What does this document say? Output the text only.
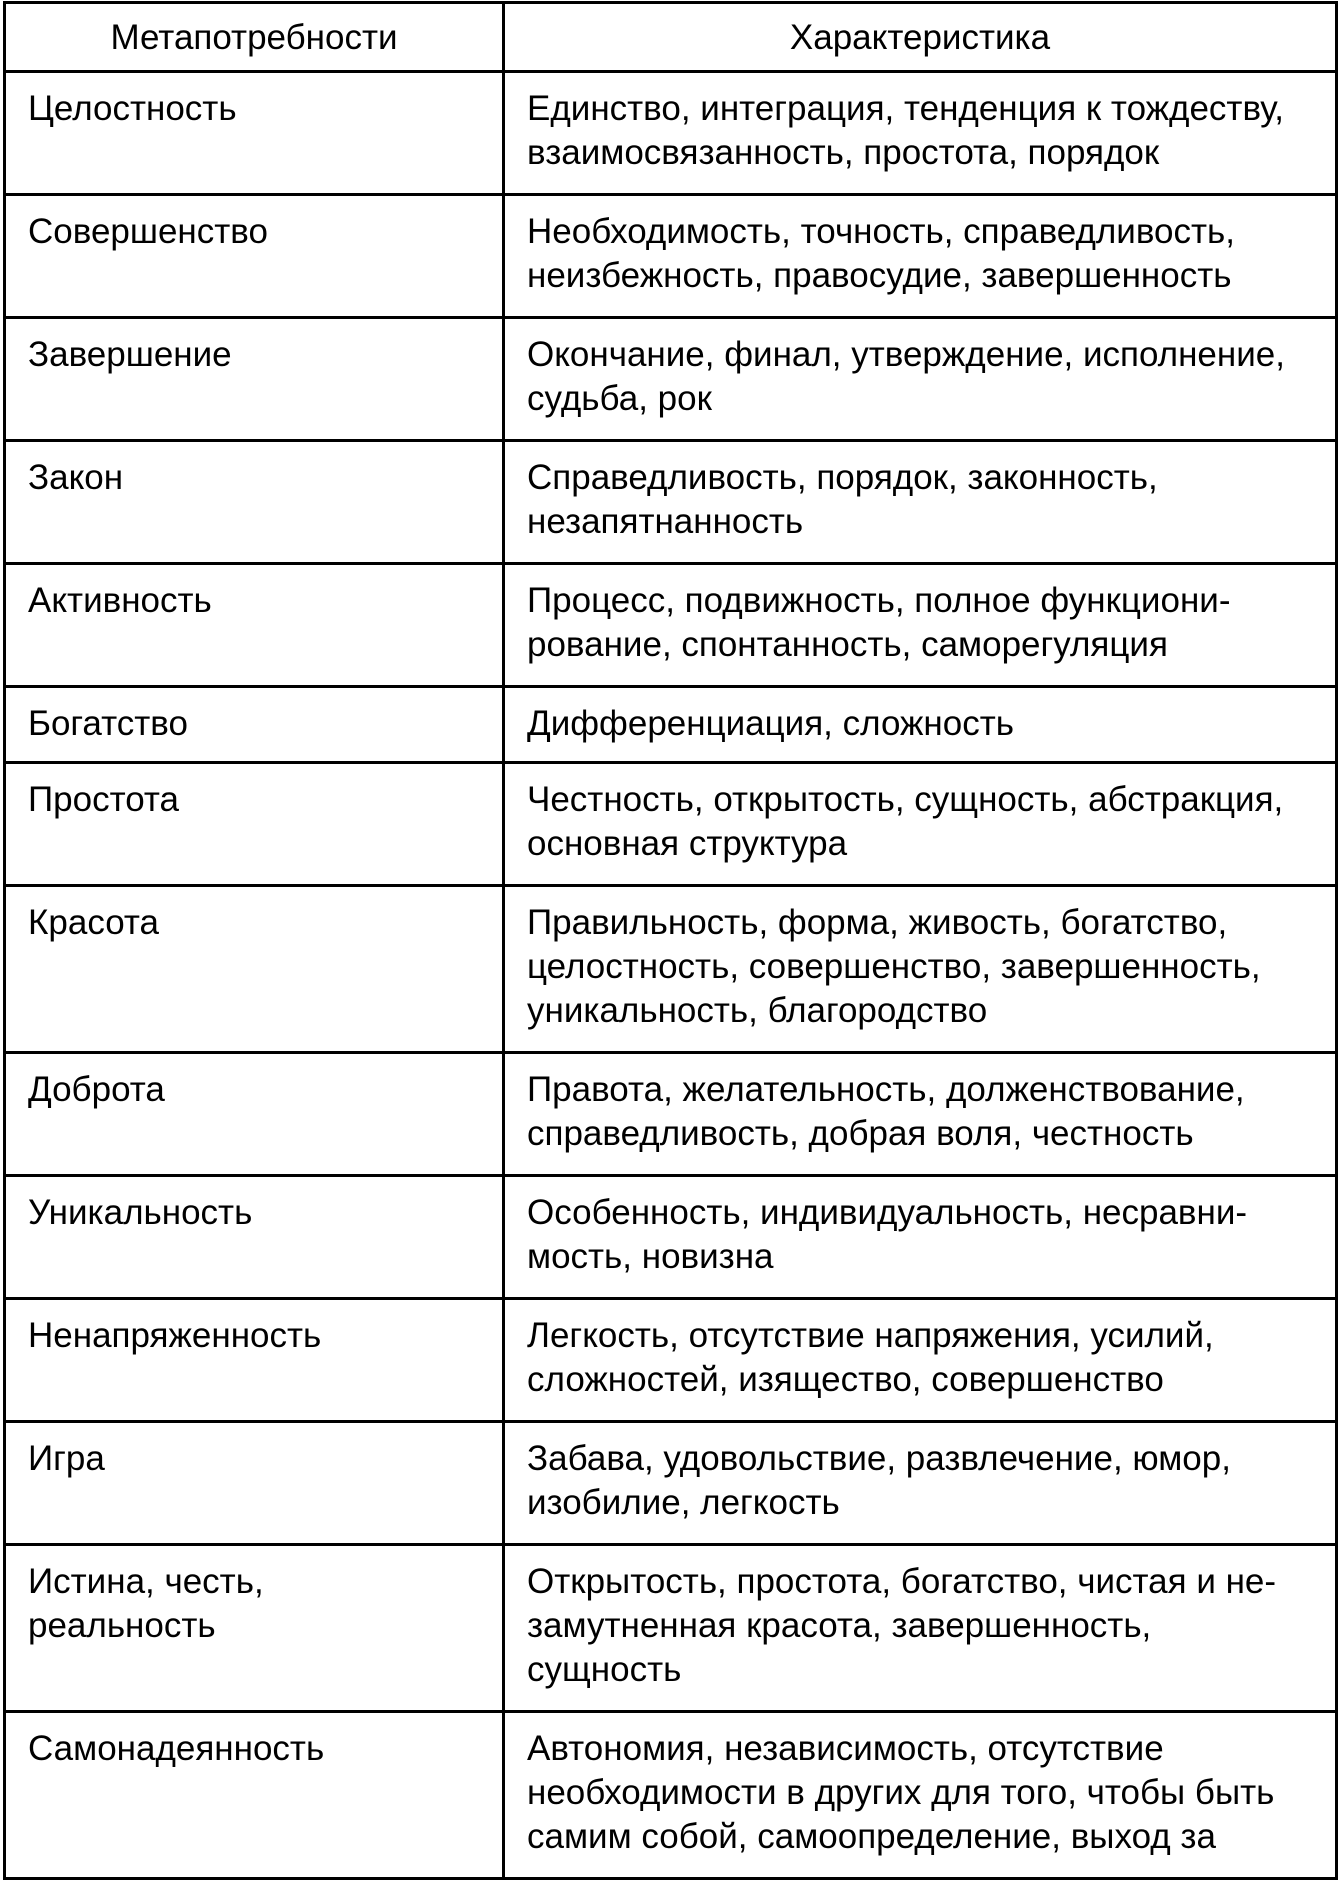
Метапотребности	Характеристика

Целостность	Единство, интеграция, тенденция к тождеству,
взаимосвязанность, простота, порядок

Совершенство	Необходимость, точность, справедливость,
неизбежность, правосудие, завершенность

Завершение	Окончание, финал, утверждение, исполнение,
судьба, рок

Закон	Справедливость, порядок, законность,
незапятнанность

Активность	Процесс, подвижность, полное функциони-
рование, спонтанность, саморегуляция

Богатство	Дифференциация, сложность

Простота	Честность, открытость, сущность, абстракция,
основная структура

Красота	Правильность, форма, живость, богатство,
целостность, совершенство, завершенность,
уникальность, благородство

Доброта	Правота, желательность, долженствование,
справедливость, добрая воля, честность

Уникальность	Особенность, индивидуальность, несравни-
мость, новизна

Ненапряженность	Легкость, отсутствие напряжения, усилий,
сложностей, изящество, совершенство

Игра	Забава, удовольствие, развлечение, юмор,
изобилие, легкость

Истина, честь,
реальность	Открытость, простота, богатство, чистая и не-
замутненная красота, завершенность,
сущность

Самонадеянность	Автономия, независимость, отсутствие
необходимости в других для того, чтобы быть
самим собой, самоопределение, выход за
